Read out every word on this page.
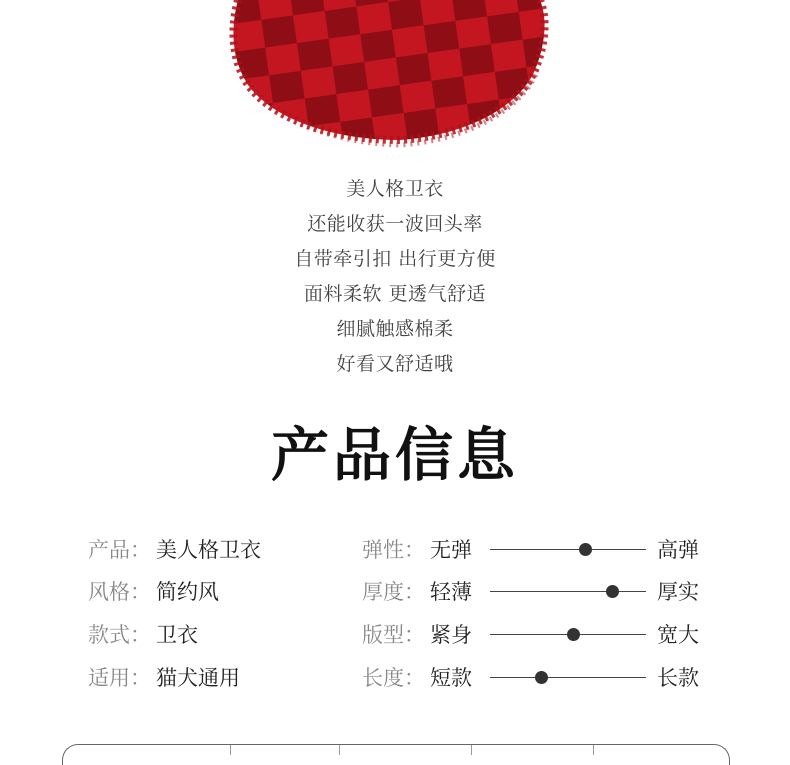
美人格卫衣
还能收获一波回头率
自带牵引扣 出行更方便
面料柔软 更透气舒适
细腻触感棉柔
好看又舒适哦
产品信息
产品： 美人格卫衣	弹性： 无弹	高弹
风格： 简约风	厚度： 轻薄	厚实
款式： 卫衣	版型： 紧身	宽大
适用： 猫犬通用	长度： 短款	长款
